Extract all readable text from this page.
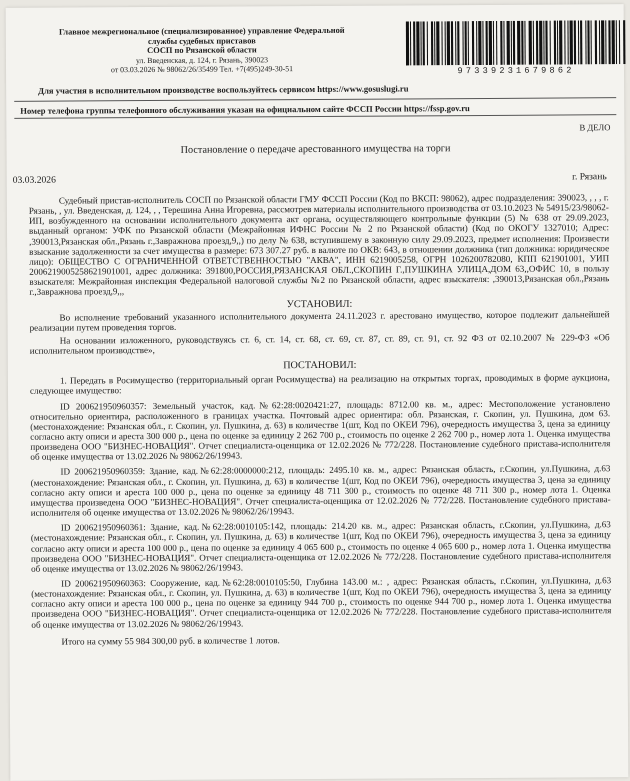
Главное межрегиональное (специализированное) управление Федеральной
службы судебных приставов
СОСП по Рязанской области
ул. Введенская, д. 124, г. Рязань, 390023
от 03.03.2026 № 98062/26/35499 Тел. +7(495)249-30-51	97339231679862
Для участия в исполнительном производстве воспользуйтесь сервисом https://www.gosuslugi.ru
Номер телефона группы телефонного обслуживания указан на официальном сайте ФССП России https://fssp.gov.ru
В ДЕЛО
Постановление о передаче арестованного имущества на торги
03.03.2026	г. Рязань

Судебный пристав-исполнитель СОСП по Рязанской области ГМУ ФССП России (Код по ВКСП: 98062), адрес подразделения: 390023, , , , г. Рязань, , ул. Введенская, д. 124, , , Терешина Анна Игоревна, рассмотрев материалы исполнительного производства от 03.10.2023 № 54915/23/98062-ИП, возбужденного на основании исполнительного документа акт органа, осуществляющего контрольные функции (5) № 638 от 29.09.2023, выданный органом: УФК по Рязанской области (Межрайонная ИФНС России № 2 по Рязанской области) (Код по ОКОГУ 1327010; Адрес: ,390013,Рязанская обл.,Рязань г.,Завражнова проезд,9,,) по делу № 638, вступившему в законную силу 29.09.2023, предмет исполнения: Произвести взыскание задолженности за счет имущества в размере: 673 307.27 руб. в валюте по ОКВ: 643, в отношении должника (тип должника: юридическое лицо): ОБЩЕСТВО С ОГРАНИЧЕННОЙ ОТВЕТСТВЕННОСТЬЮ "АКВА", ИНН 6219005258, ОГРН 1026200782080, КПП 621901001, УИП 2006219005258621901001, адрес должника: 391800,РОССИЯ,РЯЗАНСКАЯ ОБЛ.,СКОПИН Г.,ПУШКИНА УЛИЦА,ДОМ 63,,ОФИС 10, в пользу взыскателя: Межрайонная инспекция Федеральной налоговой службы №2 по Рязанской области, адрес взыскателя: ,390013,Рязанская обл.,Рязань г.,Завражнова проезд,9,,,

УСТАНОВИЛ:

Во исполнение требований указанного исполнительного документа 24.11.2023 г. арестовано имущество, которое подлежит дальнейшей реализации путем проведения торгов.

На основании изложенного, руководствуясь ст. 6, ст. 14, ст. 68, ст. 69, ст. 87, ст. 89, ст. 91, ст. 92 ФЗ от 02.10.2007 № 229-ФЗ «Об исполнительном производстве»,

ПОСТАНОВИЛ:

1. Передать в Росимущество (территориальный орган Росимущества) на реализацию на открытых торгах, проводимых в форме аукциона, следующее имущество:

ID 200621950960357: Земельный участок, кад.№62:28:0020421:27, площадь: 8712.00 кв. м., адрес: Местоположение установлено относительно ориентира, расположенного в границах участка. Почтовый адрес ориентира: обл. Рязанская, г. Скопин, ул. Пушкина, дом 63. (местонахождение: Рязанская обл., г. Скопин, ул. Пушкина, д. 63) в количестве 1(шт, Код по ОКЕИ 796), очередность имущества 3, цена за единицу согласно акту описи и ареста 300 000 р., цена по оценке за единицу 2 262 700 р., стоимость по оценке 2 262 700 р., номер лота 1. Оценка имущества произведена ООО "БИЗНЕС-НОВАЦИЯ". Отчет специалиста-оценщика от 12.02.2026 № 772/228. Постановление судебного пристава-исполнителя об оценке имущества от 13.02.2026 № 98062/26/19943.

ID 200621950960359: Здание, кад.№62:28:0000000:212, площадь: 2495.10 кв. м., адрес: Рязанская область, г.Скопин, ул.Пушкина, д.63 (местонахождение: Рязанская обл., г. Скопин, ул. Пушкина, д. 63) в количестве 1(шт, Код по ОКЕИ 796), очередность имущества 3, цена за единицу согласно акту описи и ареста 100 000 р., цена по оценке за единицу 48 711 300 р., стоимость по оценке 48 711 300 р., номер лота 1. Оценка имущества произведена ООО "БИЗНЕС-НОВАЦИЯ". Отчет специалиста-оценщика от 12.02.2026 № 772/228. Постановление судебного пристава-исполнителя об оценке имущества от 13.02.2026 № 98062/26/19943.

ID 200621950960361: Здание, кад.№62:28:0010105:142, площадь: 214.20 кв. м., адрес: Рязанская область, г.Скопин, ул.Пушкина, д.63 (местонахождение: Рязанская обл., г. Скопин, ул. Пушкина, д. 63) в количестве 1(шт, Код по ОКЕИ 796), очередность имущества 3, цена за единицу согласно акту описи и ареста 100 000 р., цена по оценке за единицу 4 065 600 р., стоимость по оценке 4 065 600 р., номер лота 1. Оценка имущества произведена ООО "БИЗНЕС-НОВАЦИЯ". Отчет специалиста-оценщика от 12.02.2026 № 772/228. Постановление судебного пристава-исполнителя об оценке имущества от 13.02.2026 № 98062/26/19943.

ID 200621950960363: Сооружение, кад.№62:28:0010105:50, Глубина 143.00 м.: , адрес: Рязанская область, г.Скопин, ул.Пушкина, д.63 (местонахождение: Рязанская обл., г. Скопин, ул. Пушкина, д. 63) в количестве 1(шт, Код по ОКЕИ 796), очередность имущества 3, цена за единицу согласно акту описи и ареста 100 000 р., цена по оценке за единицу 944 700 р., стоимость по оценке 944 700 р., номер лота 1. Оценка имущества произведена ООО "БИЗНЕС-НОВАЦИЯ". Отчет специалиста-оценщика от 12.02.2026 № 772/228. Постановление судебного пристава-исполнителя об оценке имущества от 13.02.2026 № 98062/26/19943.

Итого на сумму 55 984 300,00 руб. в количестве 1 лотов.
